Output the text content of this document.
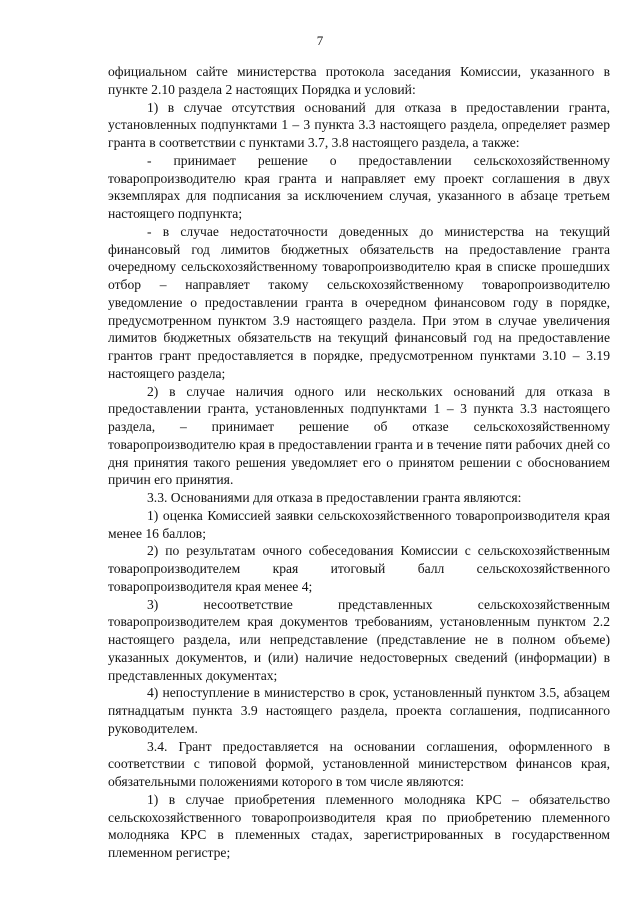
7

официальном сайте министерства протокола заседания Комиссии, указанного в пункте 2.10 раздела 2 настоящих Порядка и условий:

1) в случае отсутствия оснований для отказа в предоставлении гранта, установленных подпунктами 1 – 3 пункта 3.3 настоящего раздела, определяет размер гранта в соответствии с пунктами 3.7, 3.8 настоящего раздела, а также:

- принимает решение о предоставлении сельскохозяйственному товаропроизводителю края гранта и направляет ему проект соглашения в двух экземплярах для подписания за исключением случая, указанного в абзаце третьем настоящего подпункта;

- в случае недостаточности доведенных до министерства на текущий финансовый год лимитов бюджетных обязательств на предоставление гранта очередному сельскохозяйственному товаропроизводителю края в списке прошедших отбор – направляет такому сельскохозяйственному товаропроизводителю уведомление о предоставлении гранта в очередном финансовом году в порядке, предусмотренном пунктом 3.9 настоящего раздела. При этом в случае увеличения лимитов бюджетных обязательств на текущий финансовый год на предоставление грантов грант предоставляется в порядке, предусмотренном пунктами 3.10 – 3.19 настоящего раздела;

2) в случае наличия одного или нескольких оснований для отказа в предоставлении гранта, установленных подпунктами 1 – 3 пункта 3.3 настоящего раздела, – принимает решение об отказе сельскохозяйственному товаропроизводителю края в предоставлении гранта и в течение пяти рабочих дней со дня принятия такого решения уведомляет его о принятом решении с обоснованием причин его принятия.

3.3. Основаниями для отказа в предоставлении гранта являются:

1) оценка Комиссией заявки сельскохозяйственного товаропроизводителя края менее 16 баллов;

2) по результатам очного собеседования Комиссии с сельскохозяйственным товаропроизводителем края итоговый балл сельскохозяйственного товаропроизводителя края менее 4;

3) несоответствие представленных сельскохозяйственным товаропроизводителем края документов требованиям, установленным пунктом 2.2 настоящего раздела, или непредставление (представление не в полном объеме) указанных документов, и (или) наличие недостоверных сведений (информации) в представленных документах;

4) непоступление в министерство в срок, установленный пунктом 3.5, абзацем пятнадцатым пункта 3.9 настоящего раздела, проекта соглашения, подписанного руководителем.

3.4. Грант предоставляется на основании соглашения, оформленного в соответствии с типовой формой, установленной министерством финансов края, обязательными положениями которого в том числе являются:

1) в случае приобретения племенного молодняка КРС – обязательство сельскохозяйственного товаропроизводителя края по приобретению племенного молодняка КРС в племенных стадах, зарегистрированных в государственном племенном регистре;
